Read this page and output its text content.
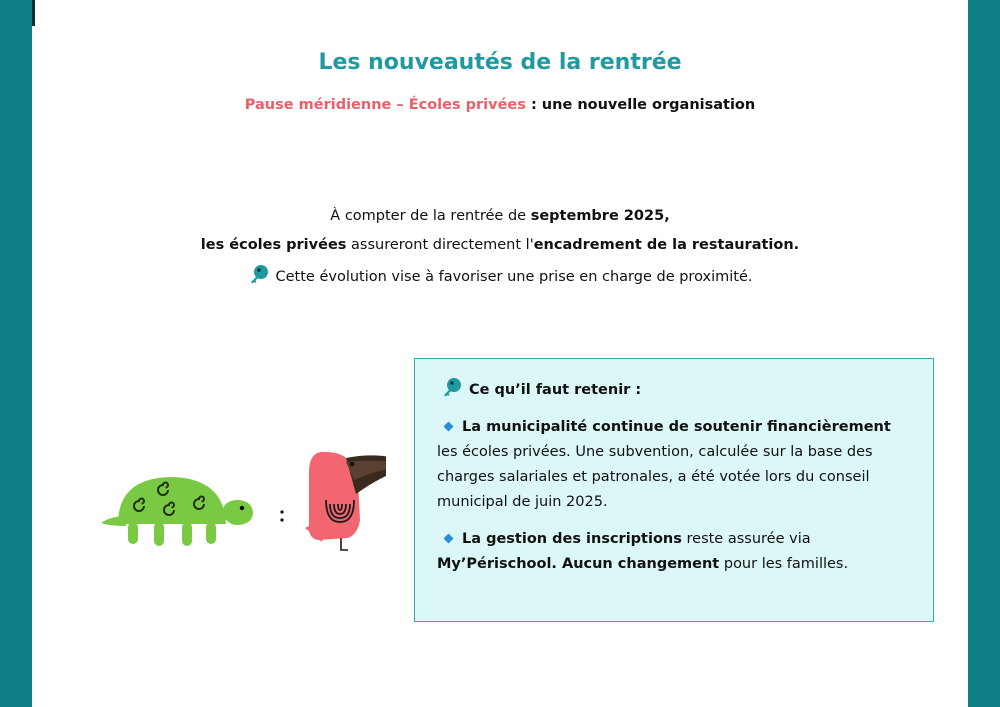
Les nouveautés de la rentrée
Pause méridienne – Écoles privées : une nouvelle organisation
À compter de la rentrée de septembre 2025,
les écoles privées assureront directement l'encadrement de la restauration.
Cette évolution vise à favoriser une prise en charge de proximité.
Ce qu’il faut retenir :
La municipalité continue de soutenir financièrement les écoles privées. Une subvention, calculée sur la base des charges salariales et patronales, a été votée lors du conseil municipal de juin 2025.
La gestion des inscriptions reste assurée via My’Périschool. Aucun changement pour les familles.
